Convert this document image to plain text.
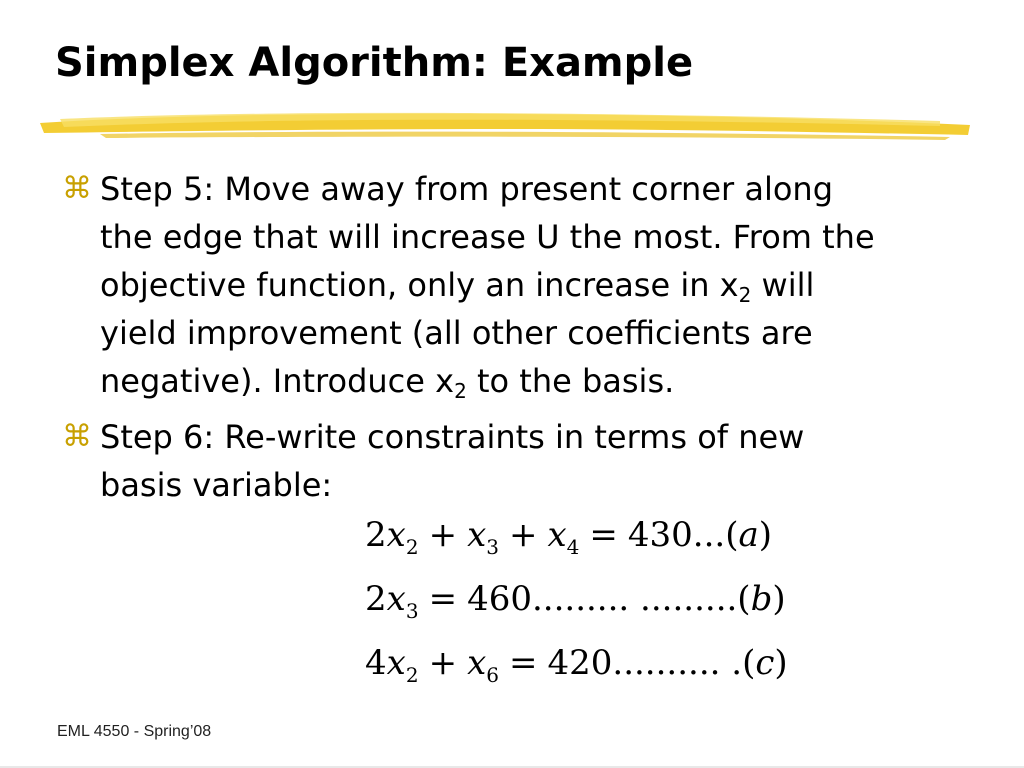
Simplex Algorithm: Example
⌘ Step 5: Move away from present corner along
the edge that will increase U the most. From the
objective function, only an increase in $x_2$ will
yield improvement (all other coefficients are
negative). Introduce $x_2$ to the basis.
⌘ Step 6: Re-write constraints in terms of new
basis variable:
$2x_2 + x_3 + x_4 = 430...(a)$
$2x_3 = 460$......... .........(b)
$4x_2 + x_6 = 420$.......... .(c)
EML 4550 - Spring’08
